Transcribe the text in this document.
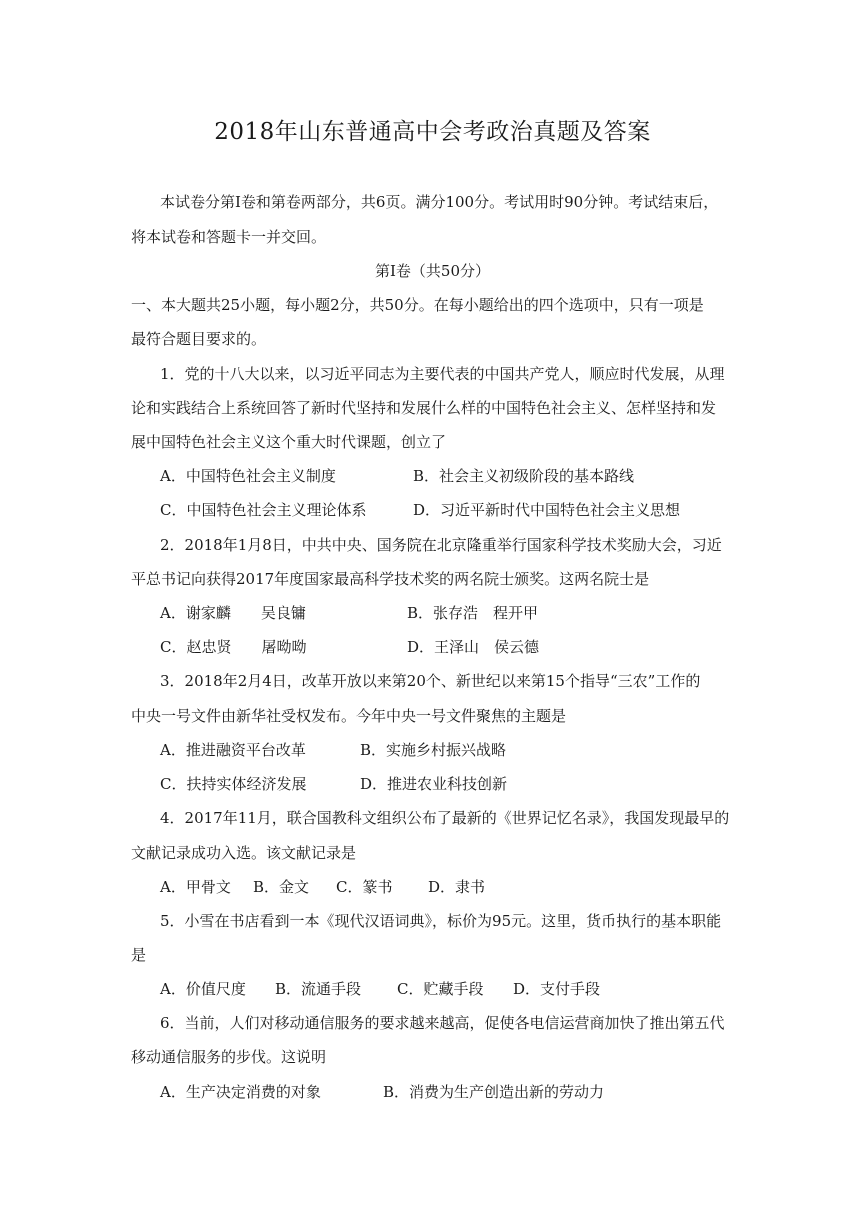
2018年山东普通高中会考政治真题及答案
本试卷分第Ⅰ卷和第卷两部分，共6页。满分100分。考试用时90分钟。考试结束后，
将本试卷和答题卡一并交回。
第Ⅰ卷（共50分）
一、本大题共25小题，每小题2分，共50分。在每小题给出的四个选项中，只有一项是
最符合题目要求的。
1．党的十八大以来，以习近平同志为主要代表的中国共产党人，顺应时代发展，从理
论和实践结合上系统回答了新时代坚持和发展什么样的中国特色社会主义、怎样坚持和发
展中国特色社会主义这个重大时代课题，创立了
A．中国特色社会主义制度	B．社会主义初级阶段的基本路线
C．中国特色社会主义理论体系	D．习近平新时代中国特色社会主义思想
2．2018年1月8日，中共中央、国务院在北京隆重举行国家科学技术奖励大会，习近
平总书记向获得2017年度国家最高科学技术奖的两名院士颁奖。这两名院士是
A．谢家麟　　吴良镛	B．张存浩　程开甲
C．赵忠贤　　屠呦呦	D．王泽山　侯云德
3．2018年2月4日，改革开放以来第20个、新世纪以来第15个指导“三农”工作的
中央一号文件由新华社受权发布。今年中央一号文件聚焦的主题是
A．推进融资平台改革	B．实施乡村振兴战略
C．扶持实体经济发展	D．推进农业科技创新
4．2017年11月，联合国教科文组织公布了最新的《世界记忆名录》，我国发现最早的
文献记录成功入选。该文献记录是
A．甲骨文 B．金文 C．篆书 D．隶书
5．小雪在书店看到一本《现代汉语词典》，标价为95元。这里，货币执行的基本职能
是
A．价值尺度 B．流通手段 C．贮藏手段 D．支付手段
6．当前，人们对移动通信服务的要求越来越高，促使各电信运营商加快了推出第五代
移动通信服务的步伐。这说明
A．生产决定消费的对象	B．消费为生产创造出新的劳动力
